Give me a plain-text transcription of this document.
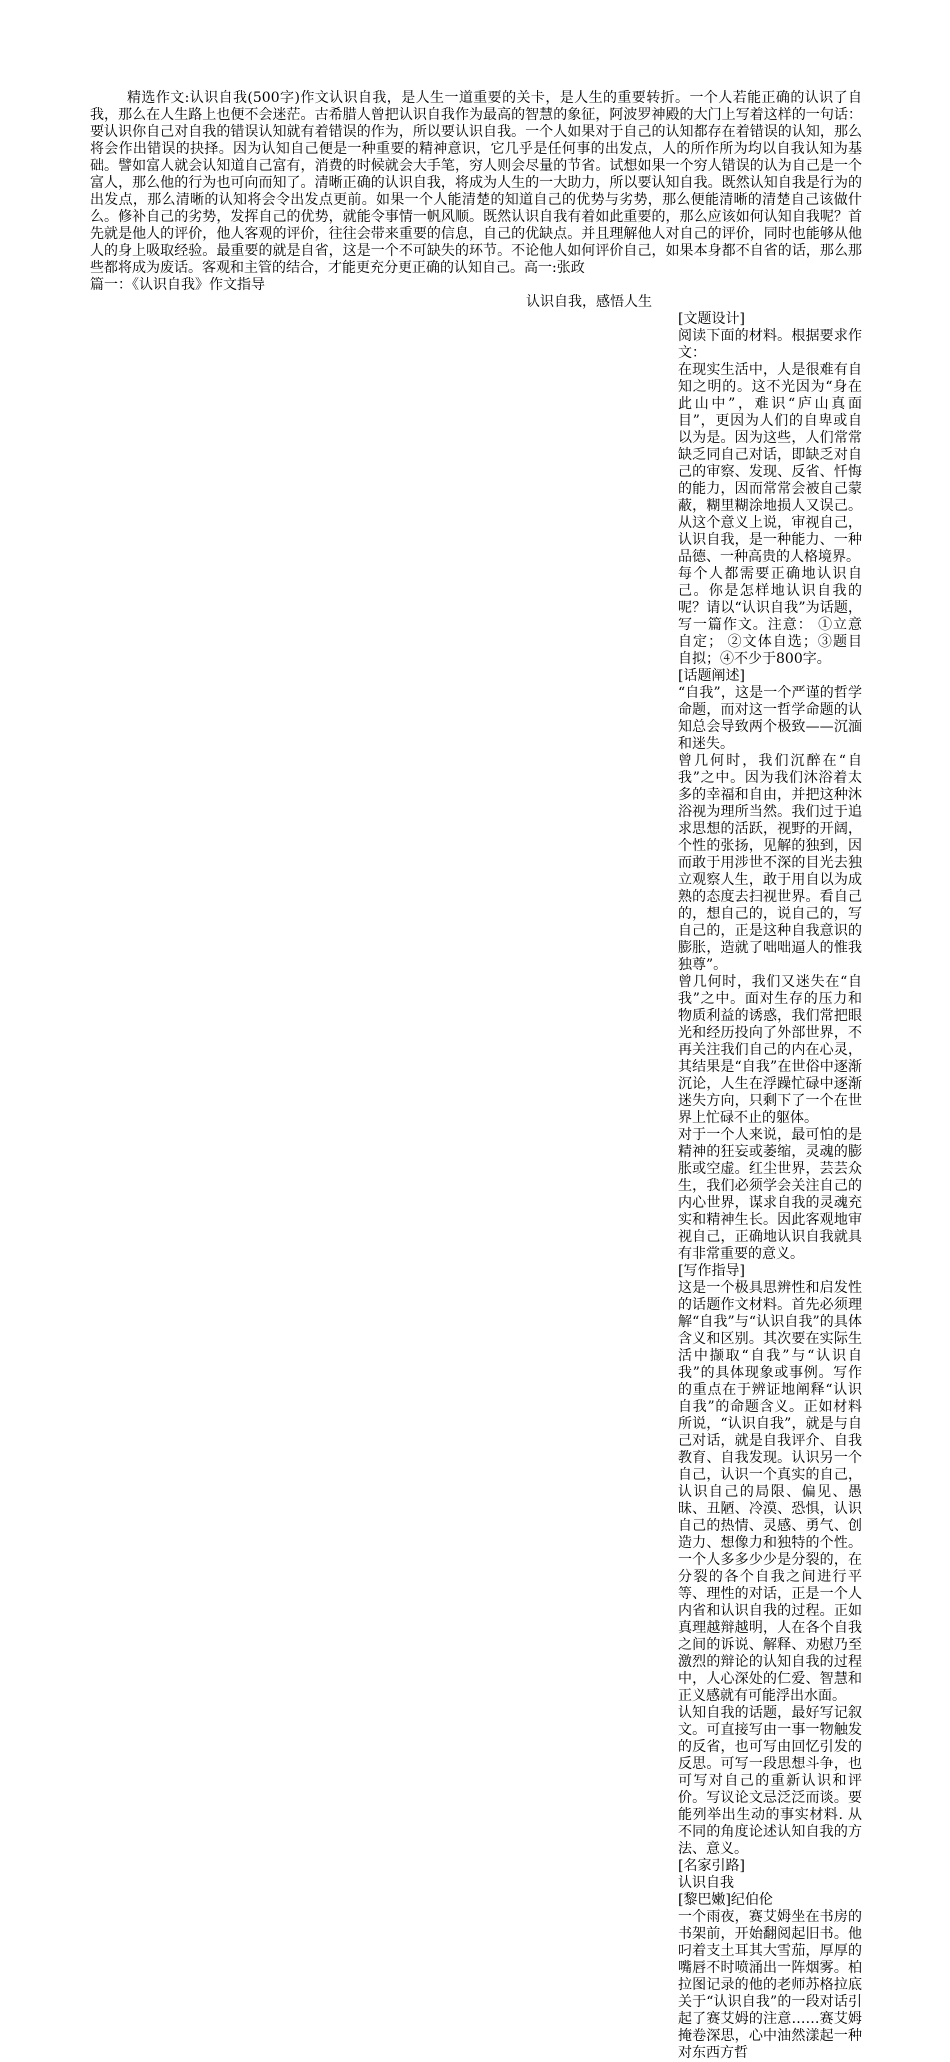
精选作文:认识自我(500字)作文认识自我，是人生一道重要的关卡，是人生的重要转折。一个人若能正确的认识了自我，那么在人生路上也便不会迷茫。古希腊人曾把认识自我作为最高的智慧的象征，阿波罗神殿的大门上写着这样的一句话：要认识你自己对自我的错误认知就有着错误的作为，所以要认识自我。一个人如果对于自己的认知都存在着错误的认知，那么将会作出错误的抉择。因为认知自己便是一种重要的精神意识，它几乎是任何事的出发点，人的所作所为均以自我认知为基础。譬如富人就会认知道自己富有，消费的时候就会大手笔，穷人则会尽量的节省。试想如果一个穷人错误的认为自己是一个富人，那么他的行为也可向而知了。清晰正确的认识自我，将成为人生的一大助力，所以要认知自我。既然认知自我是行为的出发点，那么清晰的认知将会令出发点更前。如果一个人能清楚的知道自己的优势与劣势，那么便能清晰的清楚自己该做什么。修补自己的劣势，发挥自己的优势，就能令事情一帆风顺。既然认识自我有着如此重要的，那么应该如何认知自我呢？首先就是他人的评价，他人客观的评价，往往会带来重要的信息，自己的优缺点。并且理解他人对自己的评价，同时也能够从他人的身上吸取经验。最重要的就是自省，这是一个不可缺失的环节。不论他人如何评价自己，如果本身都不自省的话，那么那些都将成为废话。客观和主管的结合，才能更充分更正确的认知自己。高一:张政

篇一：《认识自我》作文指导

认识自我，感悟人生

[文题设计]

阅读下面的材料。根据要求作文：

在现实生活中，人是很难有自知之明的。这不光因为“身在此山中”，难识“庐山真面目”，更因为人们的自卑或自以为是。因为这些，人们常常缺乏同自己对话，即缺乏对自己的审察、发现、反省、忏悔的能力，因而常常会被自己蒙蔽，糊里糊涂地损人又误己。从这个意义上说，审视自己，认识自我，是一种能力、一种品德、一种高贵的人格境界。

每个人都需要正确地认识自己。你是怎样地认识自我的呢？请以“认识自我”为话题，写一篇作文。注意： ①立意自定； ②文体自选；③题目自拟；④不少于800字。

[话题阐述]

“自我”，这是一个严谨的哲学命题，而对这一哲学命题的认知总会导致两个极致——沉湎和迷失。

曾几何时，我们沉醉在“自我”之中。因为我们沐浴着太多的幸福和自由，并把这种沐浴视为理所当然。我们过于追求思想的活跃，视野的开阔，个性的张扬，见解的独到，因而敢于用涉世不深的目光去独立观察人生，敢于用自以为成熟的态度去扫视世界。看自己的，想自己的，说自己的，写自己的，正是这种自我意识的膨胀，造就了咄咄逼人的惟我独尊”。

曾几何时，我们又迷失在“自我”之中。面对生存的压力和物质利益的诱惑，我们常把眼光和经历投向了外部世界，不再关注我们自己的内在心灵，其结果是“自我”在世俗中逐渐沉论，人生在浮躁忙碌中逐渐迷失方向，只剩下了一个在世界上忙碌不止的躯体。

对于一个人来说，最可怕的是精神的狂妄或萎缩，灵魂的膨胀或空虚。红尘世界，芸芸众生，我们必须学会关注自己的内心世界，谋求自我的灵魂充实和精神生长。因此客观地审视自己，正确地认识自我就具有非常重要的意义。

[写作指导]

这是一个极具思辨性和启发性的话题作文材料。首先必须理解“自我”与“认识自我”的具体含义和区别。其次要在实际生活中撷取“自我”与“认识自我”的具体现象或事例。写作的重点在于辨证地阐释“认识自我”的命题含义。正如材料所说，“认识自我”，就是与自己对话，就是自我评介、自我教育、自我发现。认识另一个自己，认识一个真实的自己，认识自己的局限、偏见、愚昧、丑陋、冷漠、恐惧，认识自己的热情、灵感、勇气、创造力、想像力和独特的个性。一个人多多少少是分裂的，在分裂的各个自我之间进行平等、理性的对话，正是一个人内省和认识自我的过程。正如真理越辩越明，人在各个自我之间的诉说、解释、劝慰乃至激烈的辩论的认知自我的过程中，人心深处的仁爱、智慧和正义感就有可能浮出水面。

认知自我的话题，最好写记叙文。可直接写由一事一物触发的反省，也可写由回忆引发的反思。可写一段思想斗争，也可写对自己的重新认识和评价。写议论文忌泛泛而谈。要能列举出生动的事实材料. 从不同的角度论述认知自我的方法、意义。

[名家引路]

认识自我

[黎巴嫩]纪伯伦

一个雨夜，赛艾姆坐在书房的书架前，开始翻阅起旧书。他叼着支土耳其大雪茄，厚厚的嘴唇不时喷涌出一阵烟雾。柏拉图记录的他的老师苏格拉底关于“认识自我”的一段对话引起了赛艾姆的注意……赛艾姆掩卷深思，心中油然漾起一种对东西方哲
